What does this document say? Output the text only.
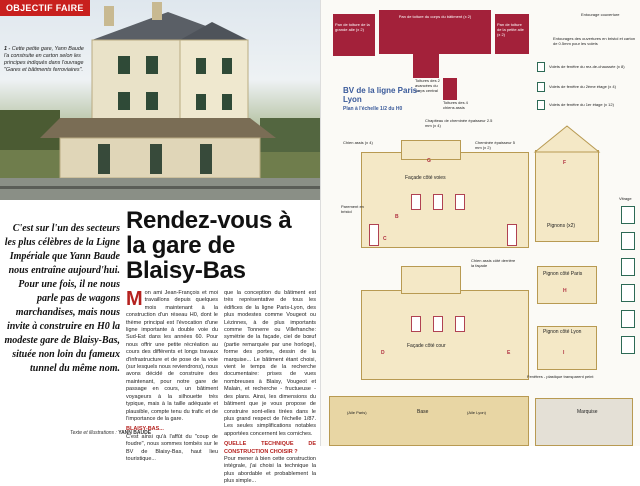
OBJECTIF FAIRE
1 - Cette petite gare, Yann Baude l'a construite en carton selon les principes indiqués dans l'ouvrage "Gares et bâtiments ferroviaires".
C'est sur l'un des secteurs les plus célèbres de la Ligne Impériale que Yann Baude nous entraîne aujourd'hui. Pour une fois, il ne nous parle pas de wagons marchandises, mais nous invite à construire en H0 la modeste gare de Blaisy-Bas, située non loin du fameux tunnel du même nom.
Rendez-vous à la gare de Blaisy-Bas
M on ami Jean-François et moi travaillons depuis quelques mois maintenant à la construction d'un réseau H0, dont le thème principal est l'évocation d'une ligne importante à double voie du Sud-Est dans les années 60. Pour nous offrir une petite récréation au cours des différents et longs travaux d'infrastructure et de pose de la voie (sur lesquels nous reviendrons), nous avons décidé de construire des maintenant, pour notre gare de passage en cours, un bâtiment voyageurs à la silhouette très typique, mais à la taille adéquate et plausible, compte tenu du trafic et de l'importance de la gare.
BLAISY-BAS...
C'est ainsi qu'à l'affût du "coup de foudre", nous sommes tombés sur le BV de Blaisy-Bas, haut lieu touristique...
que la conception du bâtiment est très représentative de tous les édifices de la ligne Paris-Lyon, des plus modestes comme Vougeot ou Lézinnes, à de plus importants comme Tonnerre ou Villefranche: symétrie de la façade, ciel de bœuf (partie remarquée par une horloge), forme des portes, dessin de la marquise... Le bâtiment étant choisi, vient le temps de la recherche documentaire: prises de vues nombreuses à Blaisy, Vougeot et Malain, et recherche - fructueuse - des plans. Ainsi, les dimensions du bâtiment que je vous propose de construire sont-elles tirées dans le plus grand respect de l'échelle 1/87. Les seules simplifications notables apportées concernent les corniches.
QUELLE TECHNIQUE DE CONSTRUCTION CHOISIR ?
Pour mener à bien cette construction intégrale, j'ai choisi la technique la plus abordable et probablement la plus simple...
Texte et illustrations : YANN BAUDE
Pan de toiture de la grande aile (x 2)
Pan de toiture du corps du bâtiment (x 2)
Pan de toiture de la petite aile (x 2)
Toitures des 2 avancées du corps central
Toitures des 4 chiens assis
Entourage couverture
Entourages des ouvertures en bristol et carton de 0.5mm pour les volets
Volets de fenêtre du rez-de-chaussée (x 8)
Volets de fenêtre du 2ème étage (x 4)
Volets de fenêtre du 1er étage (x 12)
BV de la ligne Paris-Lyon
Plan à l'échelle 1/2 du H0
Chapiteau de cheminée épaisseur 2.5 mm (x 4)
Cheminée épaisseur 5 mm (x 2)
Chien assis (x 4)
Façade côté voies
G
B
C
Parement en bristol
Pignons (x2)
F
Façade côté cour
D	E
Chien assis côté derrière la façade
Pignon côté Paris
H
Pignon côté Lyon
I
Fenêtres - plastique transparent peint
(Aile Paris)	Base	(Aile Lyon)	Marquise
Vitrage
